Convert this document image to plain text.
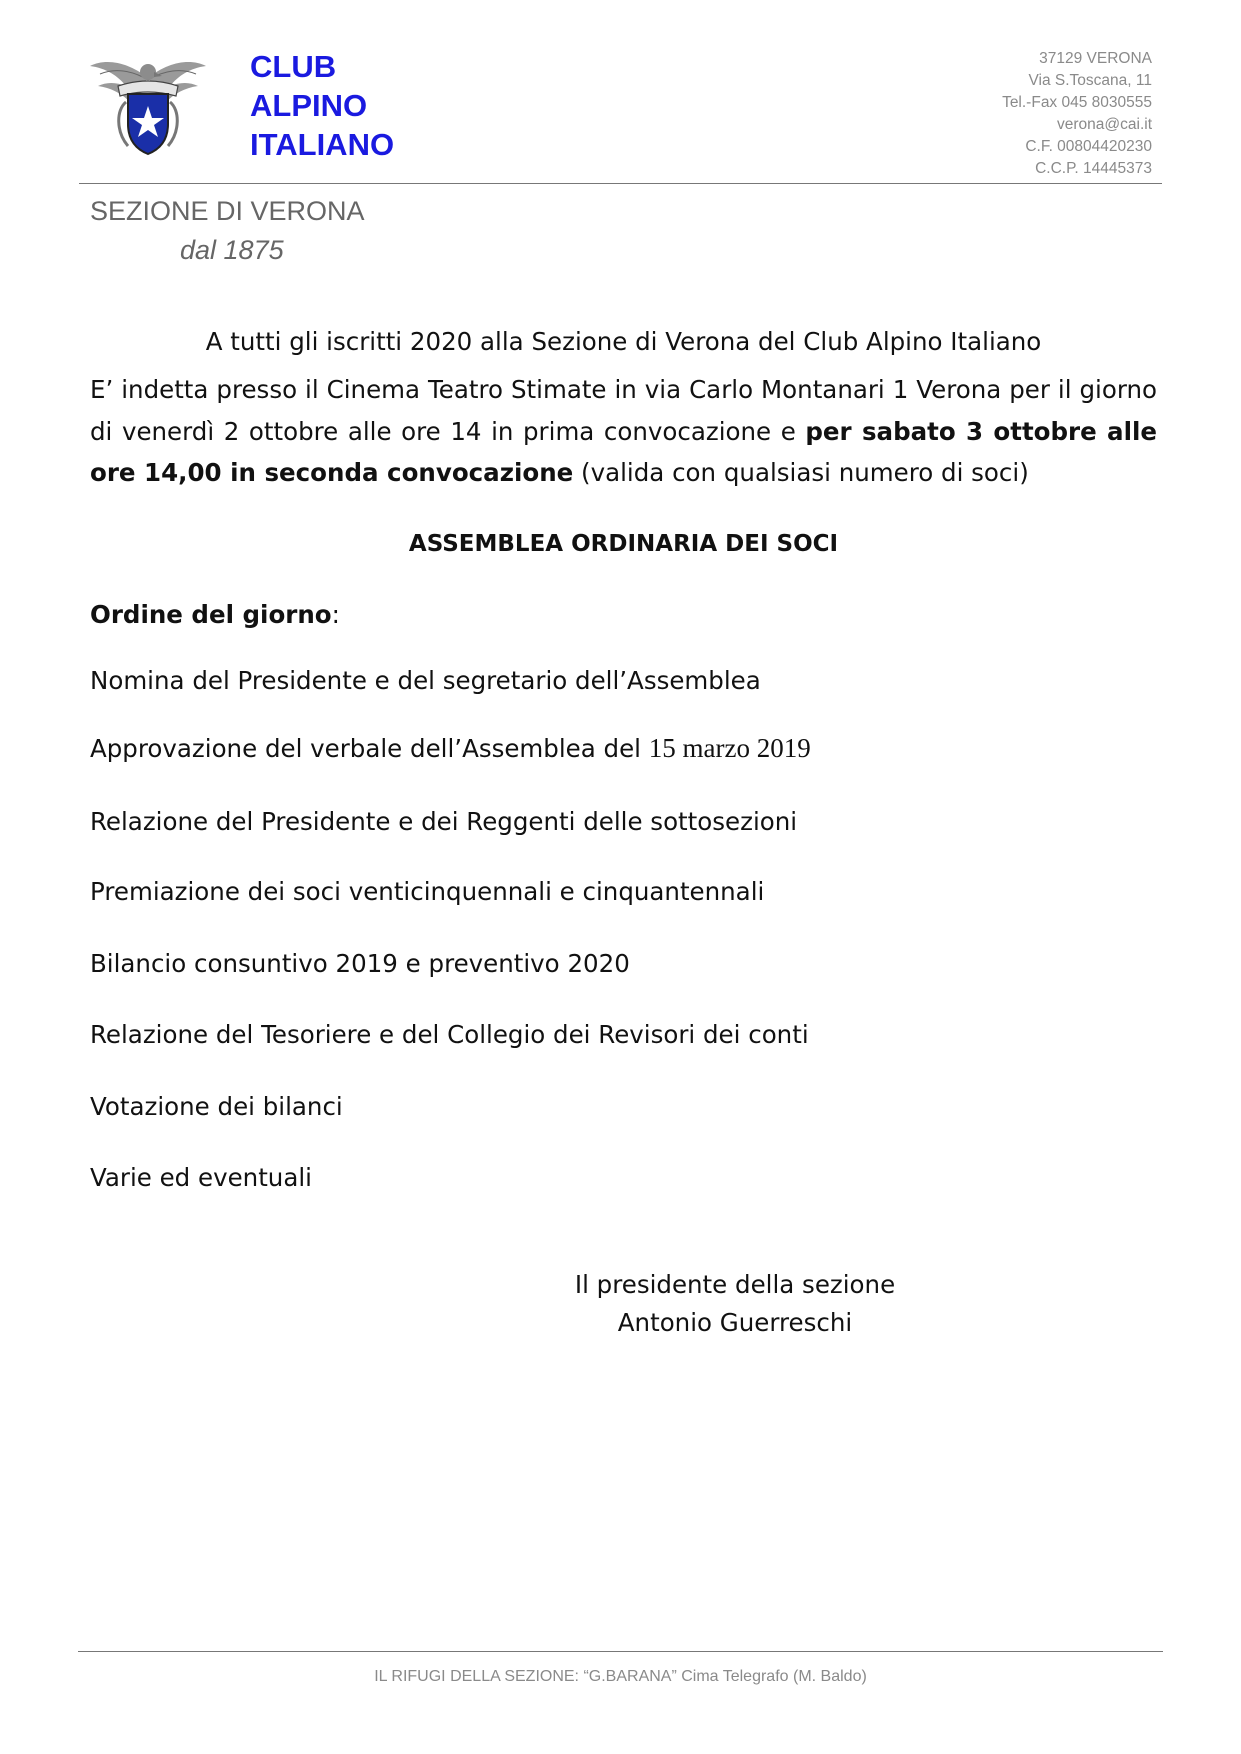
CLUB
ALPINO
ITALIANO
37129 VERONA
Via S.Toscana, 11
Tel.-Fax 045 8030555
verona@cai.it
C.F. 00804420230
C.C.P. 14445373
SEZIONE DI VERONA
dal 1875
A tutti gli iscritti 2020 alla Sezione di Verona del Club Alpino Italiano
E’ indetta presso il Cinema Teatro Stimate in via Carlo Montanari 1 Verona per il giorno di venerdì 2 ottobre alle ore 14 in prima convocazione e per sabato 3 ottobre alle ore 14,00 in seconda convocazione (valida con qualsiasi numero di soci)
ASSEMBLEA ORDINARIA DEI SOCI
Ordine del giorno:
Nomina del Presidente e del segretario dell’Assemblea
Approvazione del verbale dell’Assemblea del 15 marzo 2019
Relazione del Presidente e dei Reggenti delle sottosezioni
Premiazione dei soci venticinquennali e cinquantennali
Bilancio consuntivo 2019 e preventivo 2020
Relazione del Tesoriere e del Collegio dei Revisori dei conti
Votazione dei bilanci
Varie ed eventuali
Il presidente della sezione
Antonio Guerreschi
IL RIFUGI DELLA SEZIONE: “G.BARANA” Cima Telegrafo (M. Baldo)
